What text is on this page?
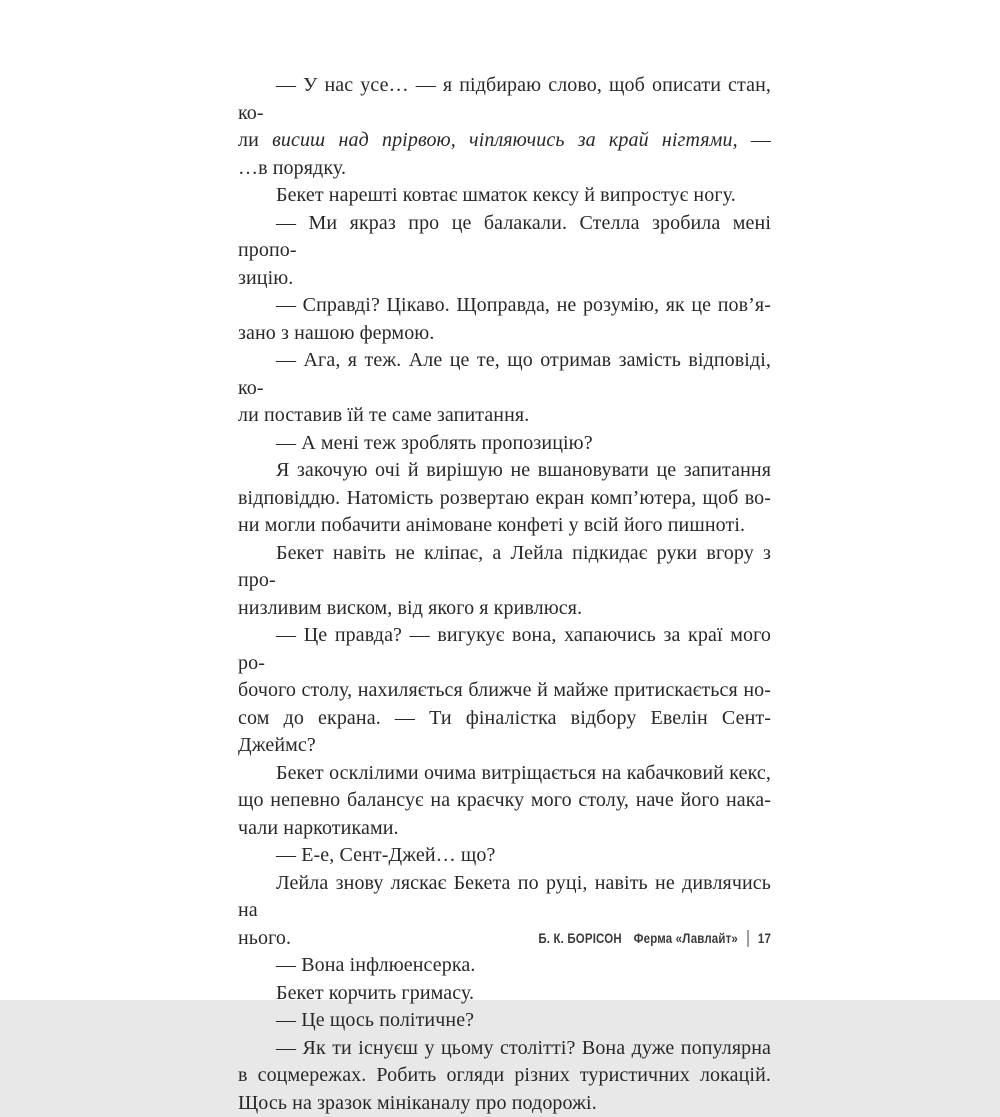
— У нас усе… — я підбираю слово, щоб описати стан, ко-
ли висиш над прірвою, чіпляючись за край нігтями, —
…в порядку.
Бекет нарешті ковтає шматок кексу й випростує ногу.
— Ми якраз про це балакали. Стелла зробила мені пропо-
зицію.
— Справді? Цікаво. Щоправда, не розумію, як це пов’я-
зано з нашою фермою.
— Ага, я теж. Але це те, що отримав замість відповіді, ко-
ли поставив їй те саме запитання.
— А мені теж зроблять пропозицію?
Я закочую очі й вирішую не вшановувати це запитання
відповіддю. Натомість розвертаю екран комп’ютера, щоб во-
ни могли побачити анімоване конфеті у всій його пишноті.
Бекет навіть не кліпає, а Лейла підкидає руки вгору з про-
низливим виском, від якого я кривлюся.
— Це правда? — вигукує вона, хапаючись за краї мого ро-
бочого столу, нахиляється ближче й майже притискається но-
сом до екрана. — Ти фіналістка відбору Евелін Сент-Джеймс?
Бекет осклілими очима витріщається на кабачковий кекс,
що непевно балансує на краєчку мого столу, наче його нака-
чали наркотиками.
— Е-е, Сент-Джей… що?
Лейла знову ляскає Бекета по руці, навіть не дивлячись на
нього.
— Вона інфлюенсерка.
Бекет корчить гримасу.
— Це щось політичне?
— Як ти існуєш у цьому столітті? Вона дуже популярна
в соцмережах. Робить огляди різних туристичних локацій.
Щось на зразок мініканалу про подорожі.
Б. К. БОРІСОН Ферма «Лавлайт» 17
